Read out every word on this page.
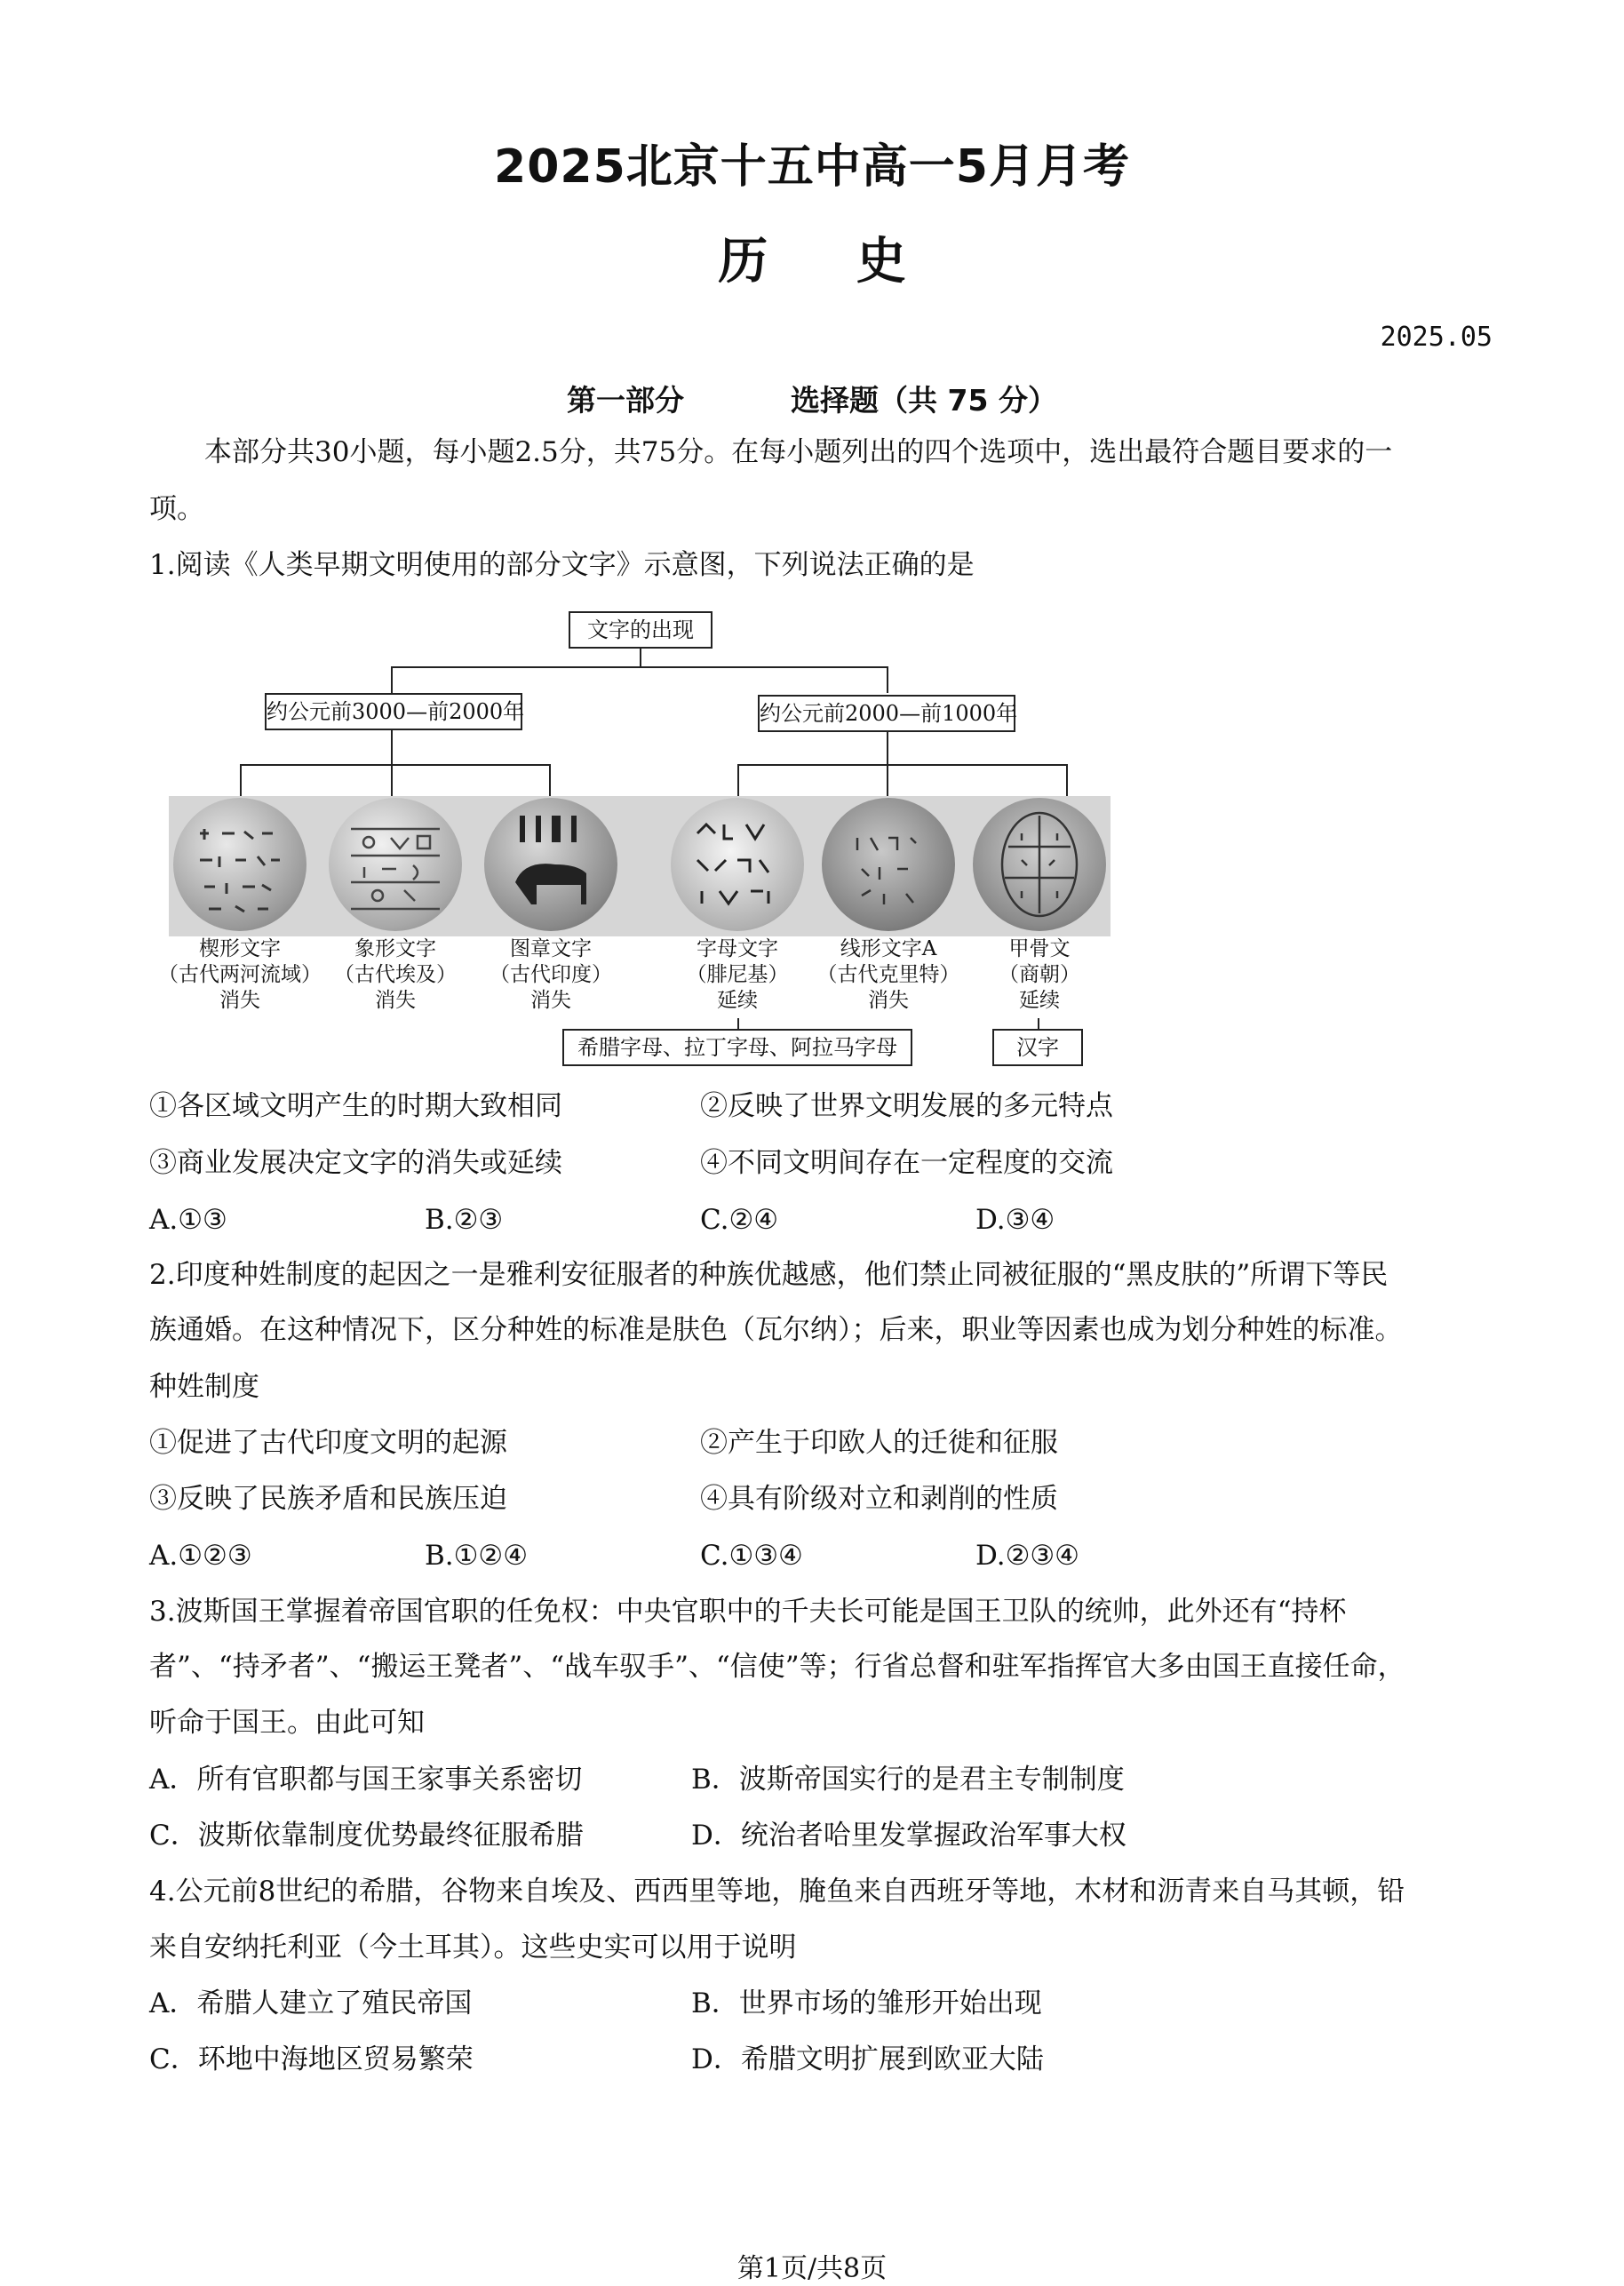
2025北京十五中高一5月月考
历 史
2025.05
第一部分	选择题（共 75 分）
本部分共30小题，每小题2.5分，共75分。在每小题列出的四个选项中，选出最符合题目要求的一
项。
1.阅读《人类早期文明使用的部分文字》示意图，下列说法正确的是
文字的出现
约公元前3000—前2000年	约公元前2000—前1000年
楔形文字
（古代两河流域）
消失
象形文字
（古代埃及）
消失
图章文字
（古代印度）
消失
字母文字
（腓尼基）
延续
线形文字A
（古代克里特）
消失
甲骨文
（商朝）
延续
希腊字母、拉丁字母、阿拉马字母	汉字
①各区域文明产生的时期大致相同	②反映了世界文明发展的多元特点
③商业发展决定文字的消失或延续	④不同文明间存在一定程度的交流
A.①③	B.②③	C.②④	D.③④
2.印度种姓制度的起因之一是雅利安征服者的种族优越感，他们禁止同被征服的“黑皮肤的”所谓下等民
族通婚。在这种情况下，区分种姓的标准是肤色（瓦尔纳）；后来，职业等因素也成为划分种姓的标准。
种姓制度
①促进了古代印度文明的起源	②产生于印欧人的迁徙和征服
③反映了民族矛盾和民族压迫	④具有阶级对立和剥削的性质
A.①②③	B.①②④	C.①③④	D.②③④
3.波斯国王掌握着帝国官职的任免权：中央官职中的千夫长可能是国王卫队的统帅，此外还有“持杯
者”、“持矛者”、“搬运王凳者”、“战车驭手”、“信使”等；行省总督和驻军指挥官大多由国王直接任命，
听命于国王。由此可知
A．所有官职都与国王家事关系密切	B．波斯帝国实行的是君主专制制度
C．波斯依靠制度优势最终征服希腊	D．统治者哈里发掌握政治军事大权
4.公元前8世纪的希腊，谷物来自埃及、西西里等地，腌鱼来自西班牙等地，木材和沥青来自马其顿，铅
来自安纳托利亚（今土耳其）。这些史实可以用于说明
A．希腊人建立了殖民帝国	B．世界市场的雏形开始出现
C．环地中海地区贸易繁荣	D．希腊文明扩展到欧亚大陆
第1页/共8页
